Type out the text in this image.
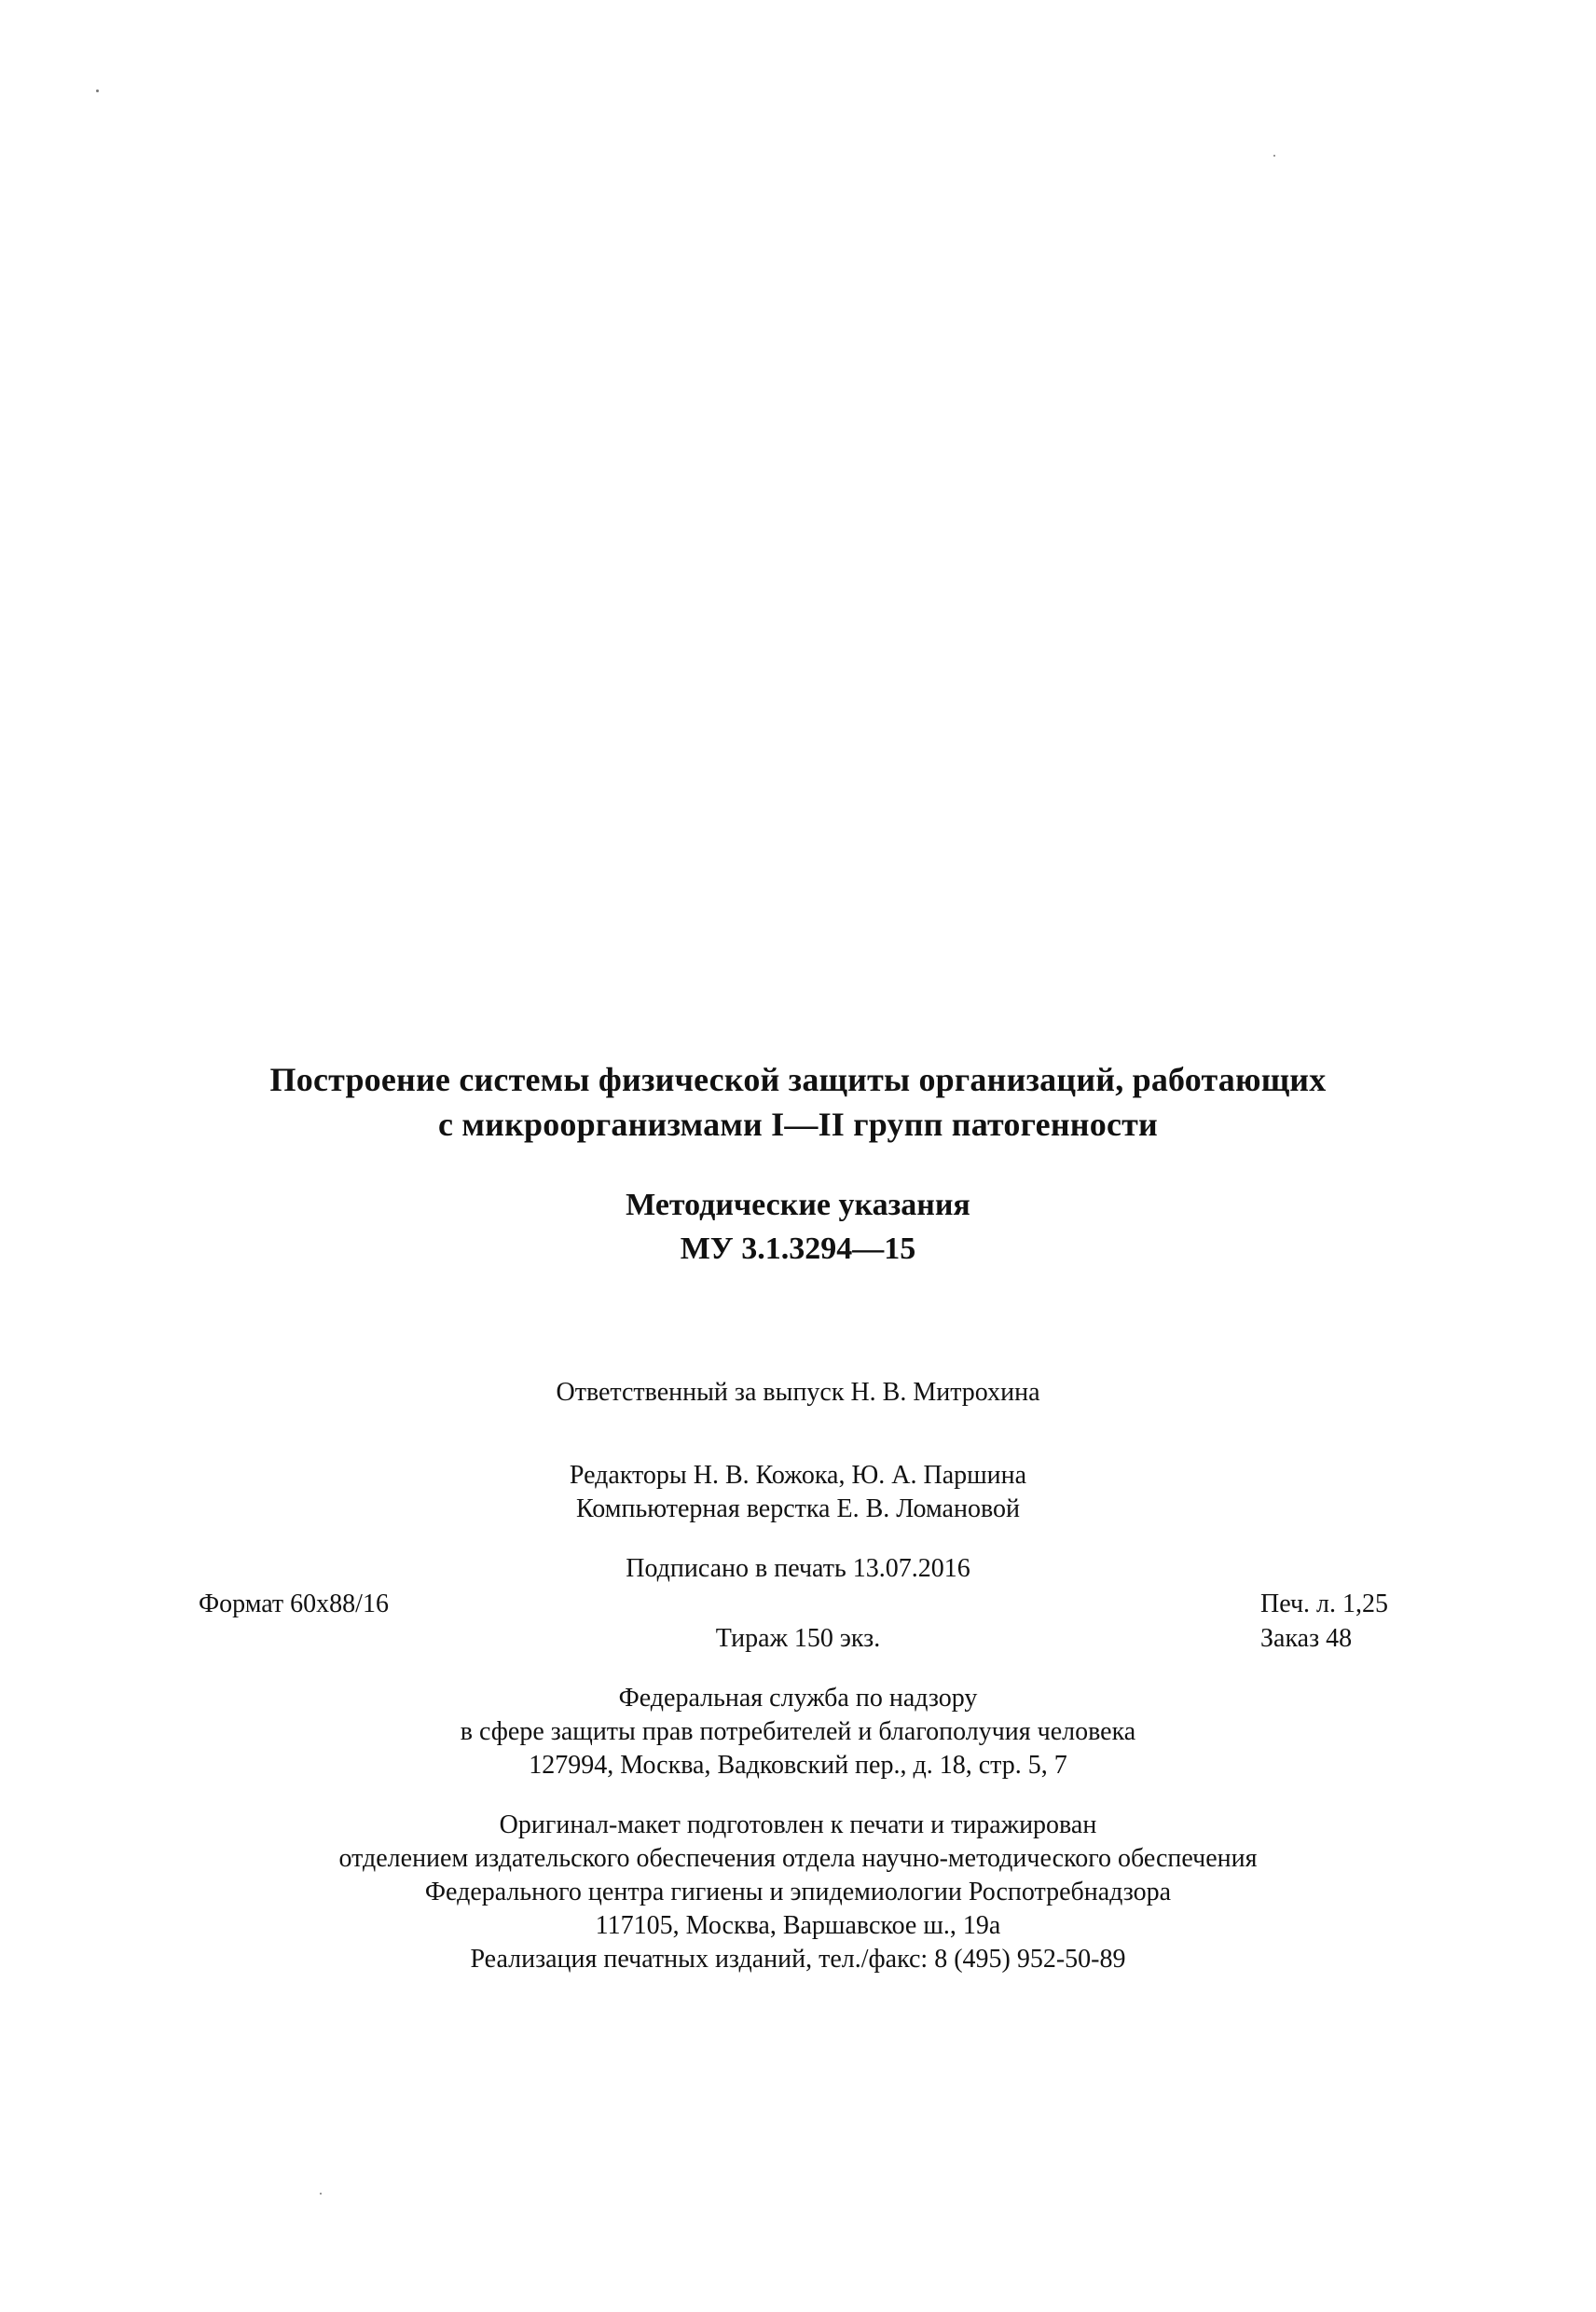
Построение системы физической защиты организаций, работающих
с микроорганизмами I—II групп патогенности
Методические указания
МУ 3.1.3294—15
Ответственный за выпуск Н. В. Митрохина
Редакторы Н. В. Кожока, Ю. А. Паршина
Компьютерная верстка Е. В. Ломановой
Подписано в печать 13.07.2016
Формат 60х88/16	Печ. л. 1,25
Тираж 150 экз.	Заказ 48
Федеральная служба по надзору
в сфере защиты прав потребителей и благополучия человека
127994, Москва, Вадковский пер., д. 18, стр. 5, 7
Оригинал-макет подготовлен к печати и тиражирован
отделением издательского обеспечения отдела научно-методического обеспечения
Федерального центра гигиены и эпидемиологии Роспотребнадзора
117105, Москва, Варшавское ш., 19а
Реализация печатных изданий, тел./факс: 8 (495) 952-50-89
